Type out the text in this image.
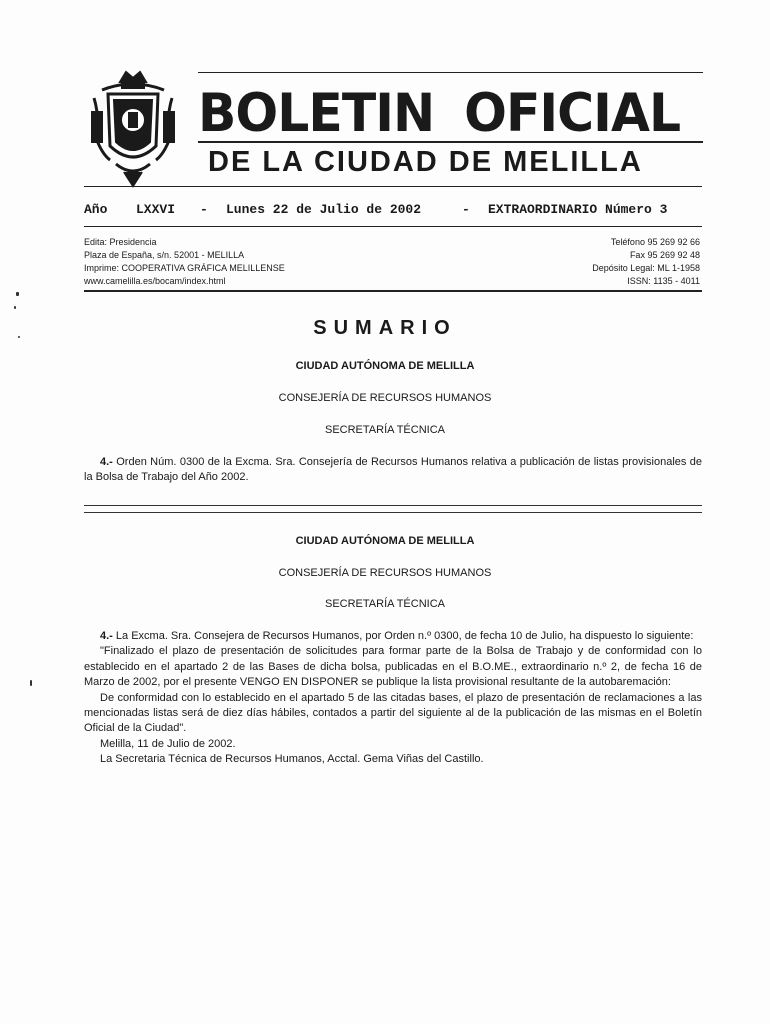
BOLETIN OFICIAL
DE LA CIUDAD DE MELILLA
Año LXXVI - Lunes 22 de Julio de 2002	- EXTRAORDINARIO Número 3
Edita: Presidencia
Plaza de España, s/n. 52001 - MELILLA
Imprime: COOPERATIVA GRÁFICA MELILLENSE
www.camelilla.es/bocam/index.html
Teléfono 95 269 92 66
Fax 95 269 92 48
Depósito Legal: ML 1-1958
ISSN: 1135 - 4011
SUMARIO
CIUDAD AUTÓNOMA DE MELILLA
CONSEJERÍA DE RECURSOS HUMANOS
SECRETARÍA TÉCNICA

4.- Orden Núm. 0300 de la Excma. Sra. Consejería de Recursos Humanos relativa a publicación de listas provisionales de la Bolsa de Trabajo del Año 2002.

CIUDAD AUTÓNOMA DE MELILLA
CONSEJERÍA DE RECURSOS HUMANOS
SECRETARÍA TÉCNICA

4.- La Excma. Sra. Consejera de Recursos Humanos, por Orden n.º 0300, de fecha 10 de Julio, ha dispuesto lo siguiente:

"Finalizado el plazo de presentación de solicitudes para formar parte de la Bolsa de Trabajo y de conformidad con lo establecido en el apartado 2 de las Bases de dicha bolsa, publicadas en el B.O.ME., extraordinario n.º 2, de fecha 16 de Marzo de 2002, por el presente VENGO EN DISPONER se publique la lista provisional resultante de la autobaremación:

De conformidad con lo establecido en el apartado 5 de las citadas bases, el plazo de presentación de reclamaciones a las mencionadas listas será de diez días hábiles, contados a partir del siguiente al de la publicación de las mismas en el Boletín Oficial de la Ciudad".

Melilla, 11 de Julio de 2002.

La Secretaria Técnica de Recursos Humanos, Acctal. Gema Viñas del Castillo.
